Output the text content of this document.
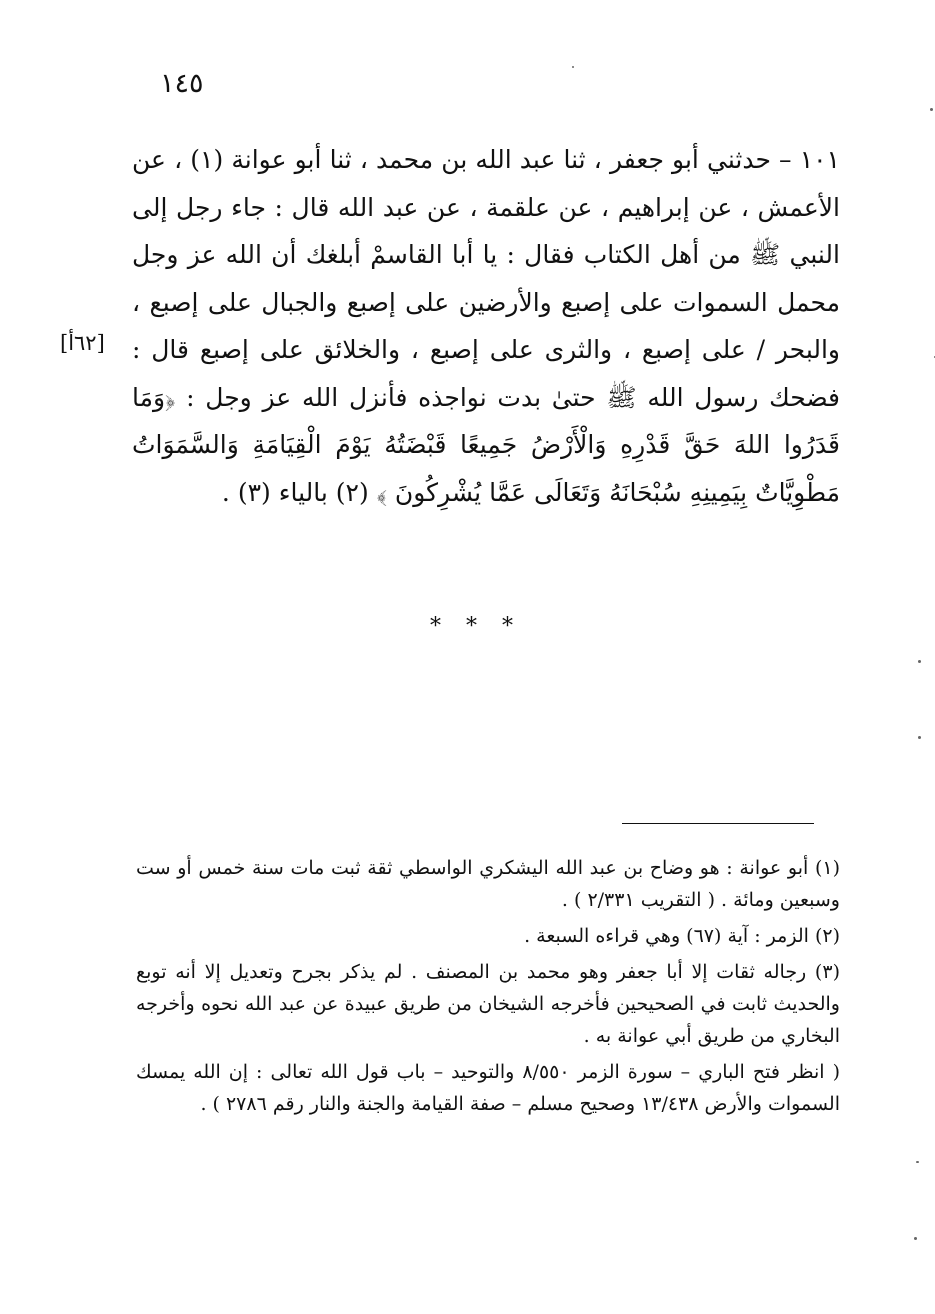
١٤٥

١٠١ – حدثني أبو جعفر ، ثنا عبد الله بن محمد ، ثنا أبو عوانة (١) ، عن الأعمش ، عن إبراهيم ، عن علقمة ، عن عبد الله قال : جاء رجل إلى النبي ﷺ من أهل الكتاب فقال : يا أبا القاسمْ أبلغك أن الله عز وجل محمل السموات على إصبع والأرضين على إصبع والجبال على إصبع ، والبحر / على إصبع ، والثرى على إصبع ، والخلائق على إصبع قال : فضحك رسول الله ﷺ حتىٰ بدت نواجذه فأنزل الله عز وجل : ﴿وَمَا قَدَرُوا اللهَ حَقَّ قَدْرِهِ وَالْأَرْضُ جَمِيعًا قَبْضَتُهُ يَوْمَ الْقِيَامَةِ وَالسَّمَوَاتُ مَطْوِيَّاتٌ بِيَمِينِهِ سُبْحَانَهُ وَتَعَالَى عَمَّا يُشْرِكُونَ ﴾ (٢) بالياء (٣) .

[٦٢أ]
* * *

(١) أبو عوانة : هو وضاح بن عبد الله اليشكري الواسطي ثقة ثبت مات سنة خمس أو ست وسبعين ومائة . ( التقريب ٢/٣٣١ ) .

(٢) الزمر : آية (٦٧) وهي قراءه السبعة .

(٣) رجاله ثقات إلا أبا جعفر وهو محمد بن المصنف . لم يذكر بجرح وتعديل إلا أنه توبع والحديث ثابت في الصحيحين فأخرجه الشيخان من طريق عبيدة عن عبد الله نحوه وأخرجه البخاري من طريق أبي عوانة به .

( انظر فتح الباري – سورة الزمر ٨/٥٥٠ والتوحيد – باب قول الله تعالى : إن الله يمسك السموات والأرض ١٣/٤٣٨ وصحيح مسلم – صفة القيامة والجنة والنار رقم ٢٧٨٦ ) .
